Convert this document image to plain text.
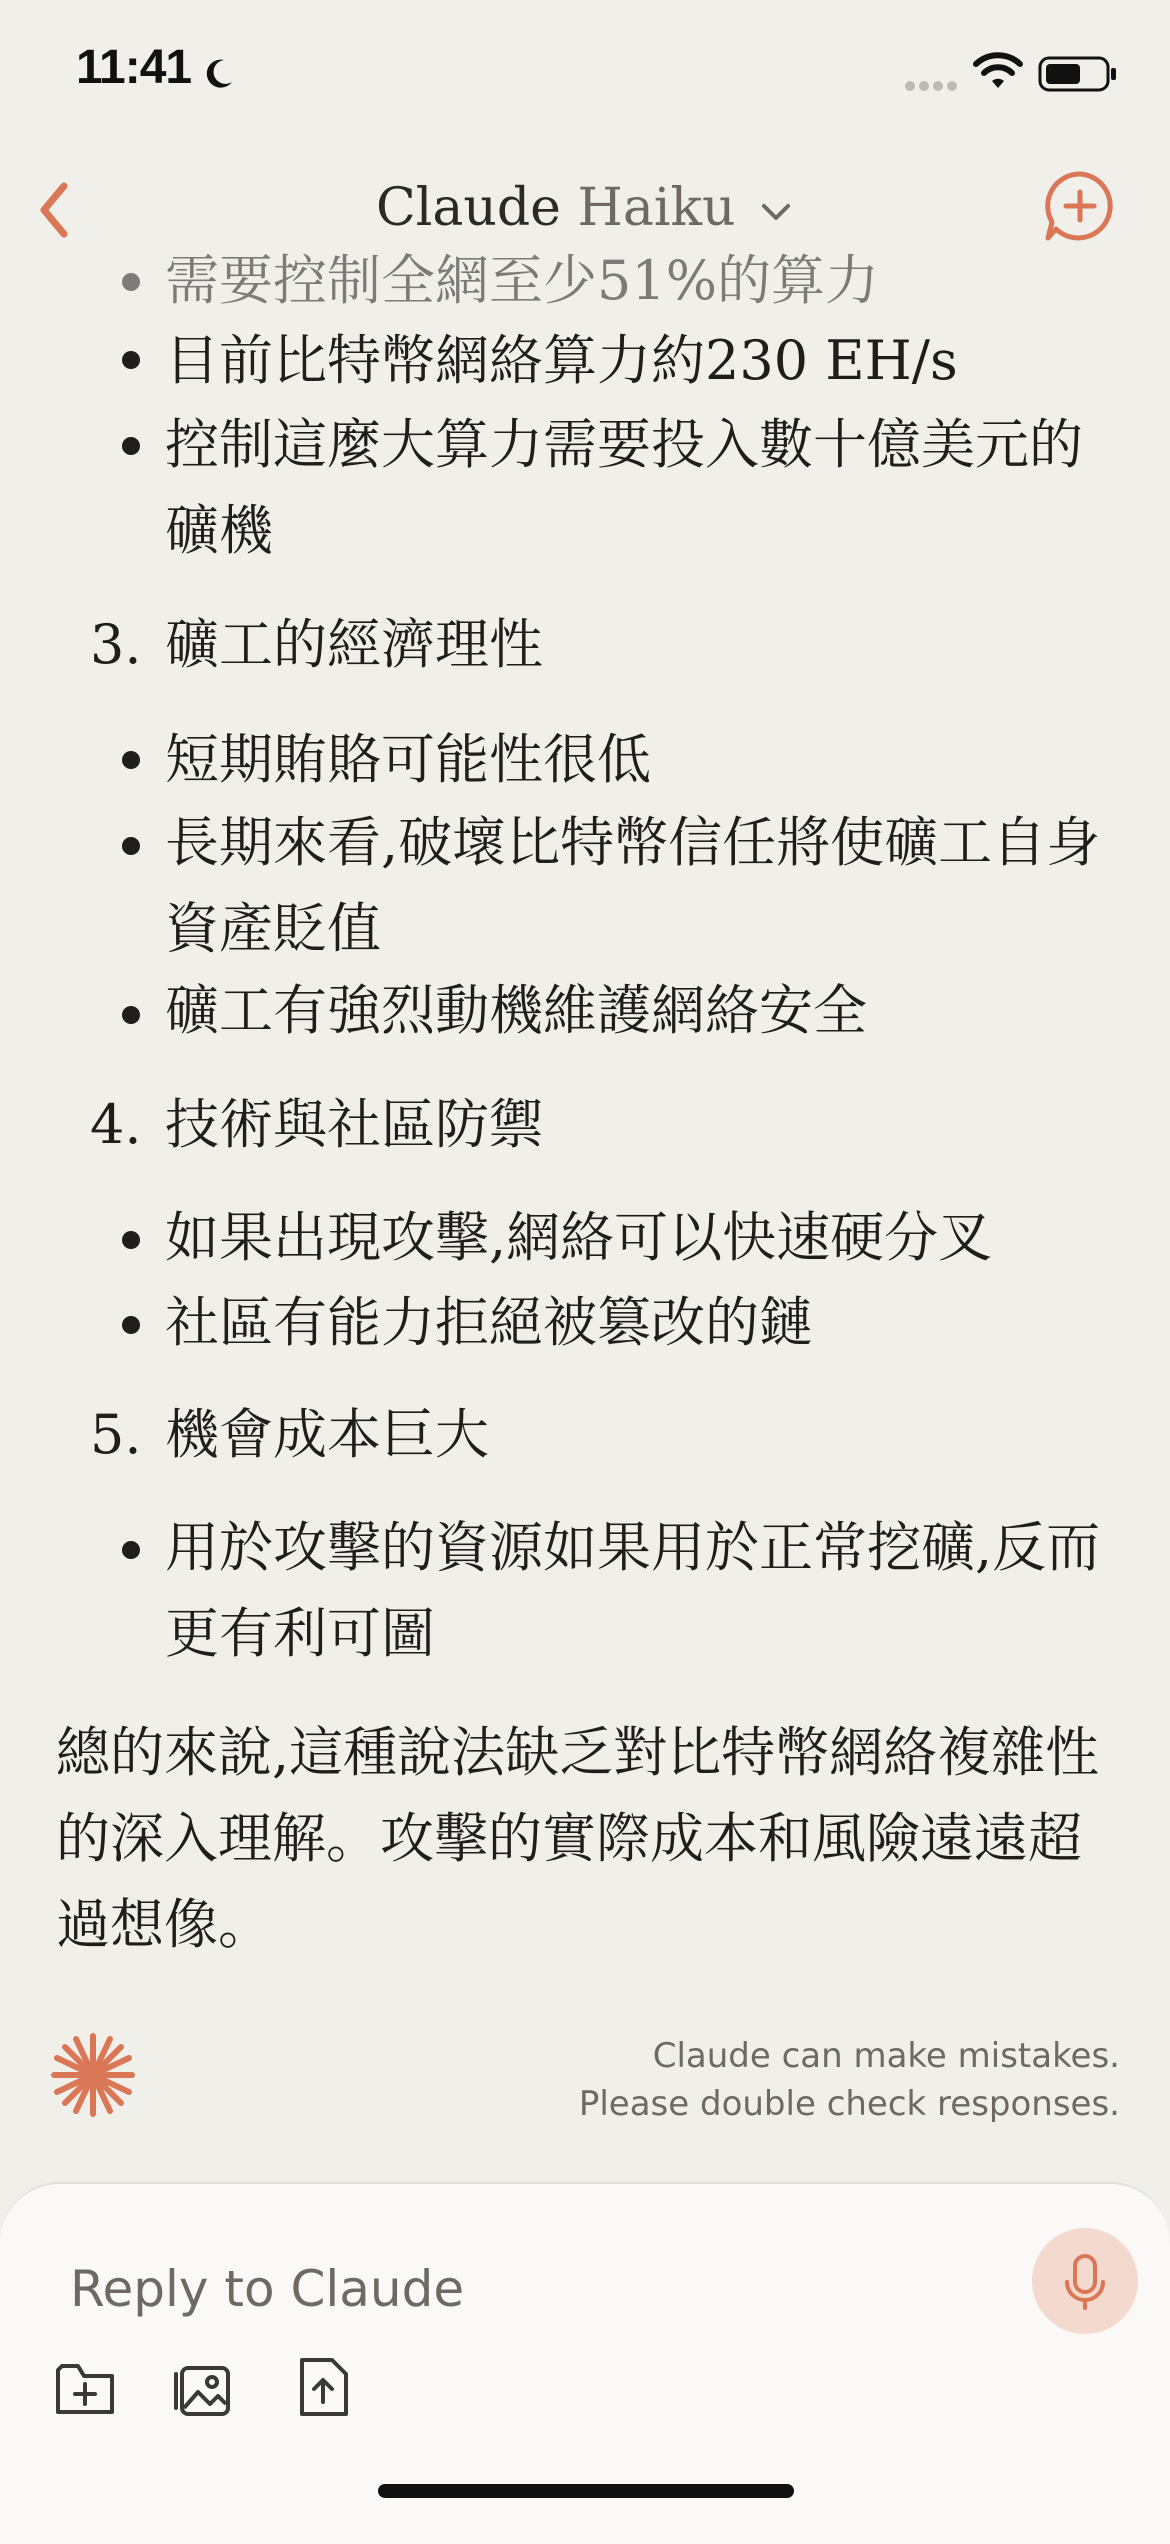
11:41
Claude Haiku
需要控制全網至少51%的算力
目前比特幣網絡算力約230 EH/s
控制這麼大算力需要投入數十億美元的礦機
3. 礦工的經濟理性
短期賄賂可能性很低
長期來看,破壞比特幣信任將使礦工自身資產貶值
礦工有強烈動機維護網絡安全
4. 技術與社區防禦
如果出現攻擊,網絡可以快速硬分叉
社區有能力拒絕被篡改的鏈
5. 機會成本巨大
用於攻擊的資源如果用於正常挖礦,反而更有利可圖
總的來說,這種說法缺乏對比特幣網絡複雜性的深入理解。攻擊的實際成本和風險遠遠超過想像。
Claude can make mistakes.
Please double check responses.
Reply to Claude
